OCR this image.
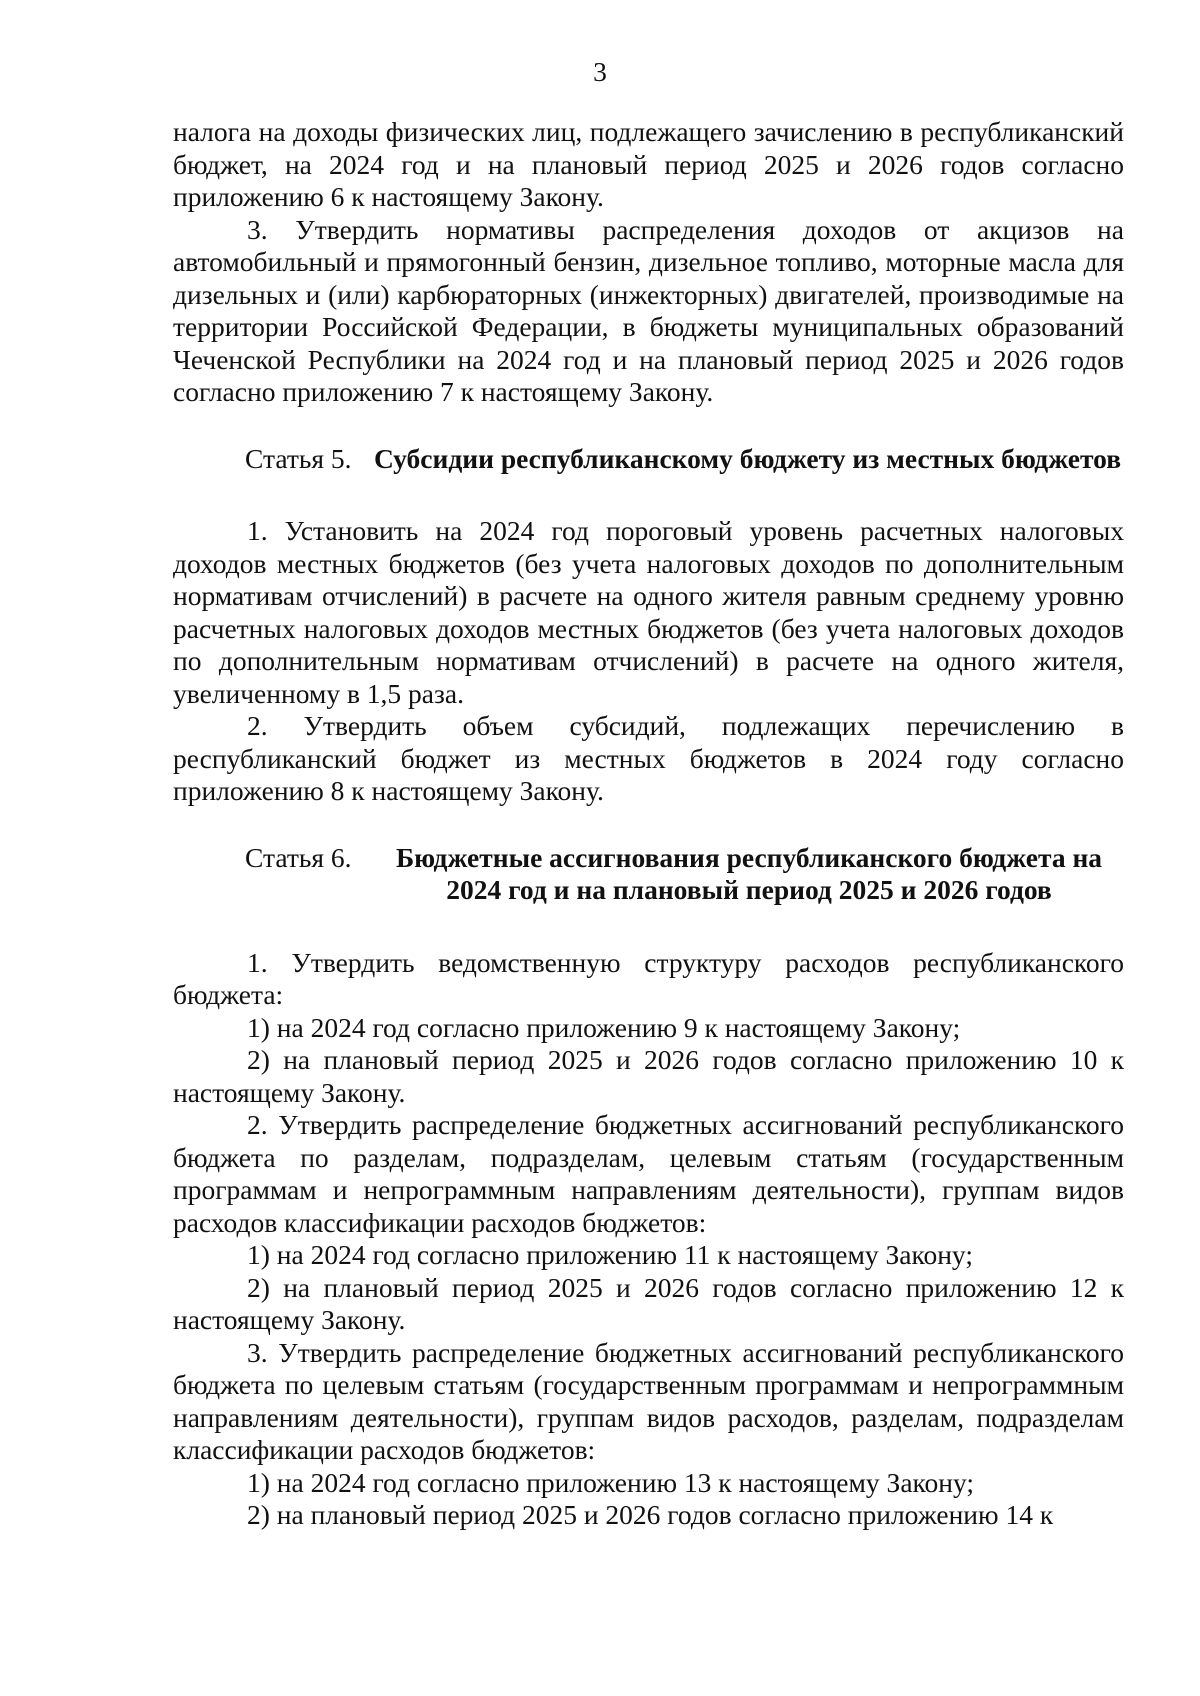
3

налога на доходы физических лиц, подлежащего зачислению в республиканский бюджет, на 2024 год и на плановый период 2025 и 2026 годов согласно приложению 6 к настоящему Закону.

3. Утвердить нормативы распределения доходов от акцизов на автомобильный и прямогонный бензин, дизельное топливо, моторные масла для дизельных и (или) карбюраторных (инжекторных) двигателей, производимые на территории Российской Федерации, в бюджеты муниципальных образований Чеченской Республики на 2024 год и на плановый период 2025 и 2026 годов согласно приложению 7 к настоящему Закону.

Статья 5. Субсидии республиканскому бюджету из местных бюджетов

1. Установить на 2024 год пороговый уровень расчетных налоговых доходов местных бюджетов (без учета налоговых доходов по дополнительным нормативам отчислений) в расчете на одного жителя равным среднему уровню расчетных налоговых доходов местных бюджетов (без учета налоговых доходов по дополнительным нормативам отчислений) в расчете на одного жителя, увеличенному в 1,5 раза.

2. Утвердить объем субсидий, подлежащих перечислению в республиканский бюджет из местных бюджетов в 2024 году согласно приложению 8 к настоящему Закону.

Статья 6.	Бюджетные ассигнования республиканского бюджета на 2024 год и на плановый период 2025 и 2026 годов

1. Утвердить ведомственную структуру расходов республиканского бюджета:

1) на 2024 год согласно приложению 9 к настоящему Закону;

2) на плановый период 2025 и 2026 годов согласно приложению 10 к настоящему Закону.

2. Утвердить распределение бюджетных ассигнований республиканского бюджета по разделам, подразделам, целевым статьям (государственным программам и непрограммным направлениям деятельности), группам видов расходов классификации расходов бюджетов:

1) на 2024 год согласно приложению 11 к настоящему Закону;

2) на плановый период 2025 и 2026 годов согласно приложению 12 к настоящему Закону.

3. Утвердить распределение бюджетных ассигнований республиканского бюджета по целевым статьям (государственным программам и непрограммным направлениям деятельности), группам видов расходов, разделам, подразделам классификации расходов бюджетов:

1) на 2024 год согласно приложению 13 к настоящему Закону;

2) на плановый период 2025 и 2026 годов согласно приложению 14 к
